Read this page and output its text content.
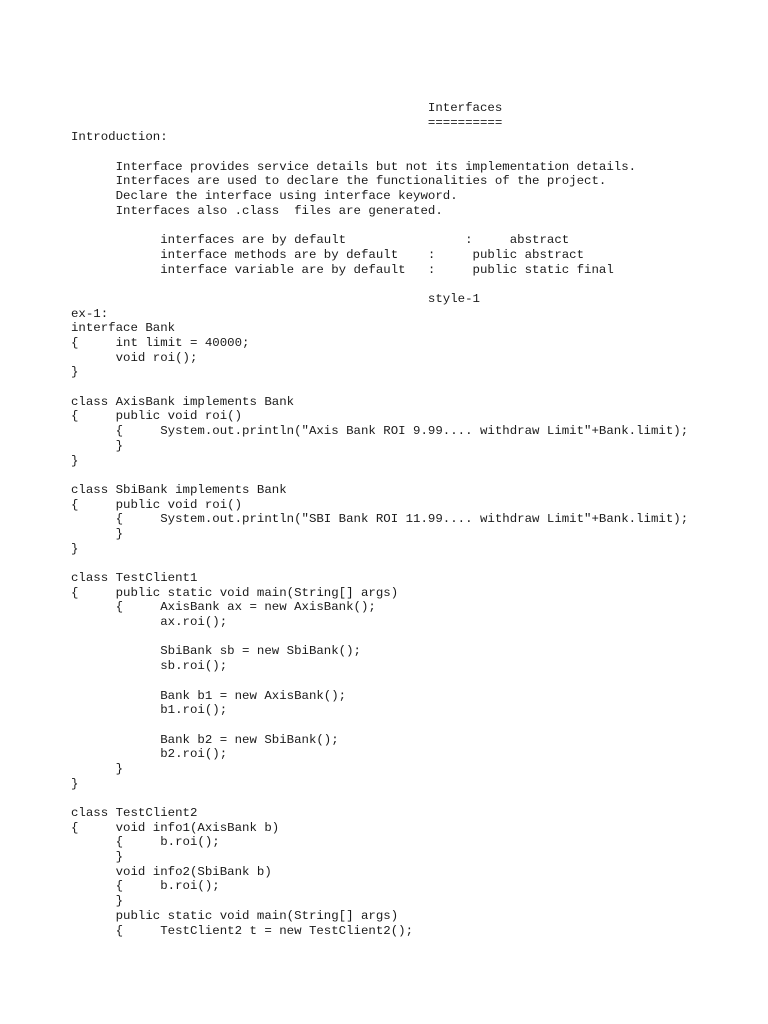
Interfaces
==========
Introduction:
Interface provides service details but not its implementation details.
Interfaces are used to declare the functionalities of the project.
Declare the interface using interface keyword.
Interfaces also .class  files are generated.
interfaces are by default                :     abstract
interface methods are by default    :     public abstract
interface variable are by default   :     public static final
style-1
ex-1:
interface Bank
{     int limit = 40000;
void roi();
}
class AxisBank implements Bank
{     public void roi()
{     System.out.println("Axis Bank ROI 9.99.... withdraw Limit"+Bank.limit);
}
}
class SbiBank implements Bank
{     public void roi()
{     System.out.println("SBI Bank ROI 11.99.... withdraw Limit"+Bank.limit);
}
}
class TestClient1
{     public static void main(String[] args)
{     AxisBank ax = new AxisBank();
ax.roi();
SbiBank sb = new SbiBank();
sb.roi();
Bank b1 = new AxisBank();
b1.roi();
Bank b2 = new SbiBank();
b2.roi();
}
}
class TestClient2
{     void info1(AxisBank b)
{     b.roi();
}
void info2(SbiBank b)
{     b.roi();
}
public static void main(String[] args)
{     TestClient2 t = new TestClient2();
